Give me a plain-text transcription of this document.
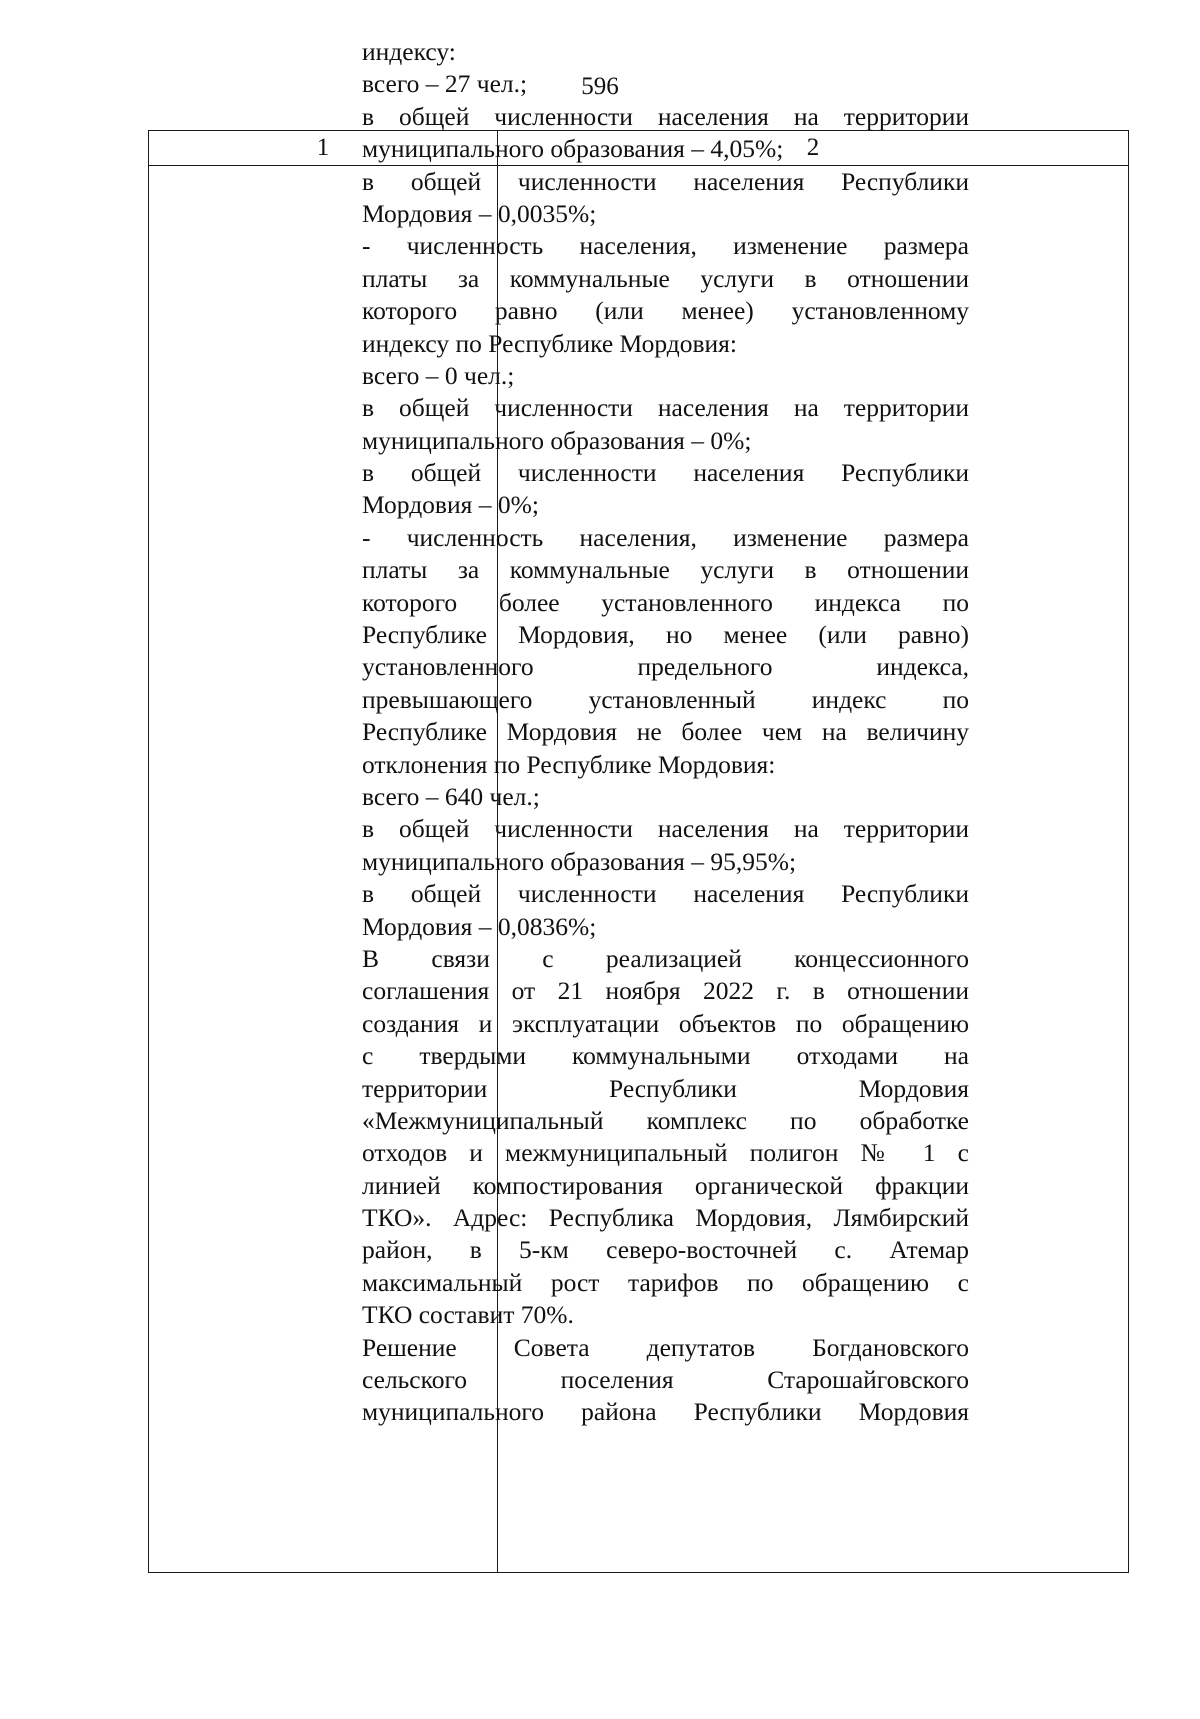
596
1	2
индексу:
всего – 27 чел.;
в общей численности населения на территории
муниципального образования – 4,05%;
в общей численности населения Республики
Мордовия – 0,0035%;
- численность населения, изменение размера
платы за коммунальные услуги в отношении
которого равно (или менее) установленному
индексу по Республике Мордовия:
всего – 0 чел.;
в общей численности населения на территории
муниципального образования – 0%;
в общей численности населения Республики
Мордовия – 0%;
- численность населения, изменение размера
платы за коммунальные услуги в отношении
которого более установленного индекса по
Республике Мордовия, но менее (или равно)
установленного предельного индекса,
превышающего установленный индекс по
Республике Мордовия не более чем на величину
отклонения по Республике Мордовия:
всего – 640 чел.;
в общей численности населения на территории
муниципального образования – 95,95%;
в общей численности населения Республики
Мордовия – 0,0836%;
В связи с реализацией концессионного
соглашения от 21 ноября 2022 г. в отношении
создания и эксплуатации объектов по обращению
с твердыми коммунальными отходами на
территории Республики Мордовия
«Межмуниципальный комплекс по обработке
отходов и межмуниципальный полигон № 1 с
линией компостирования органической фракции
ТКО». Адрес: Республика Мордовия, Лямбирский
район, в 5-км северо-восточней с. Атемар
максимальный рост тарифов по обращению с
ТКО составит 70%.
Решение Совета депутатов Богдановского
сельского поселения Старошайговского
муниципального района Республики Мордовия
